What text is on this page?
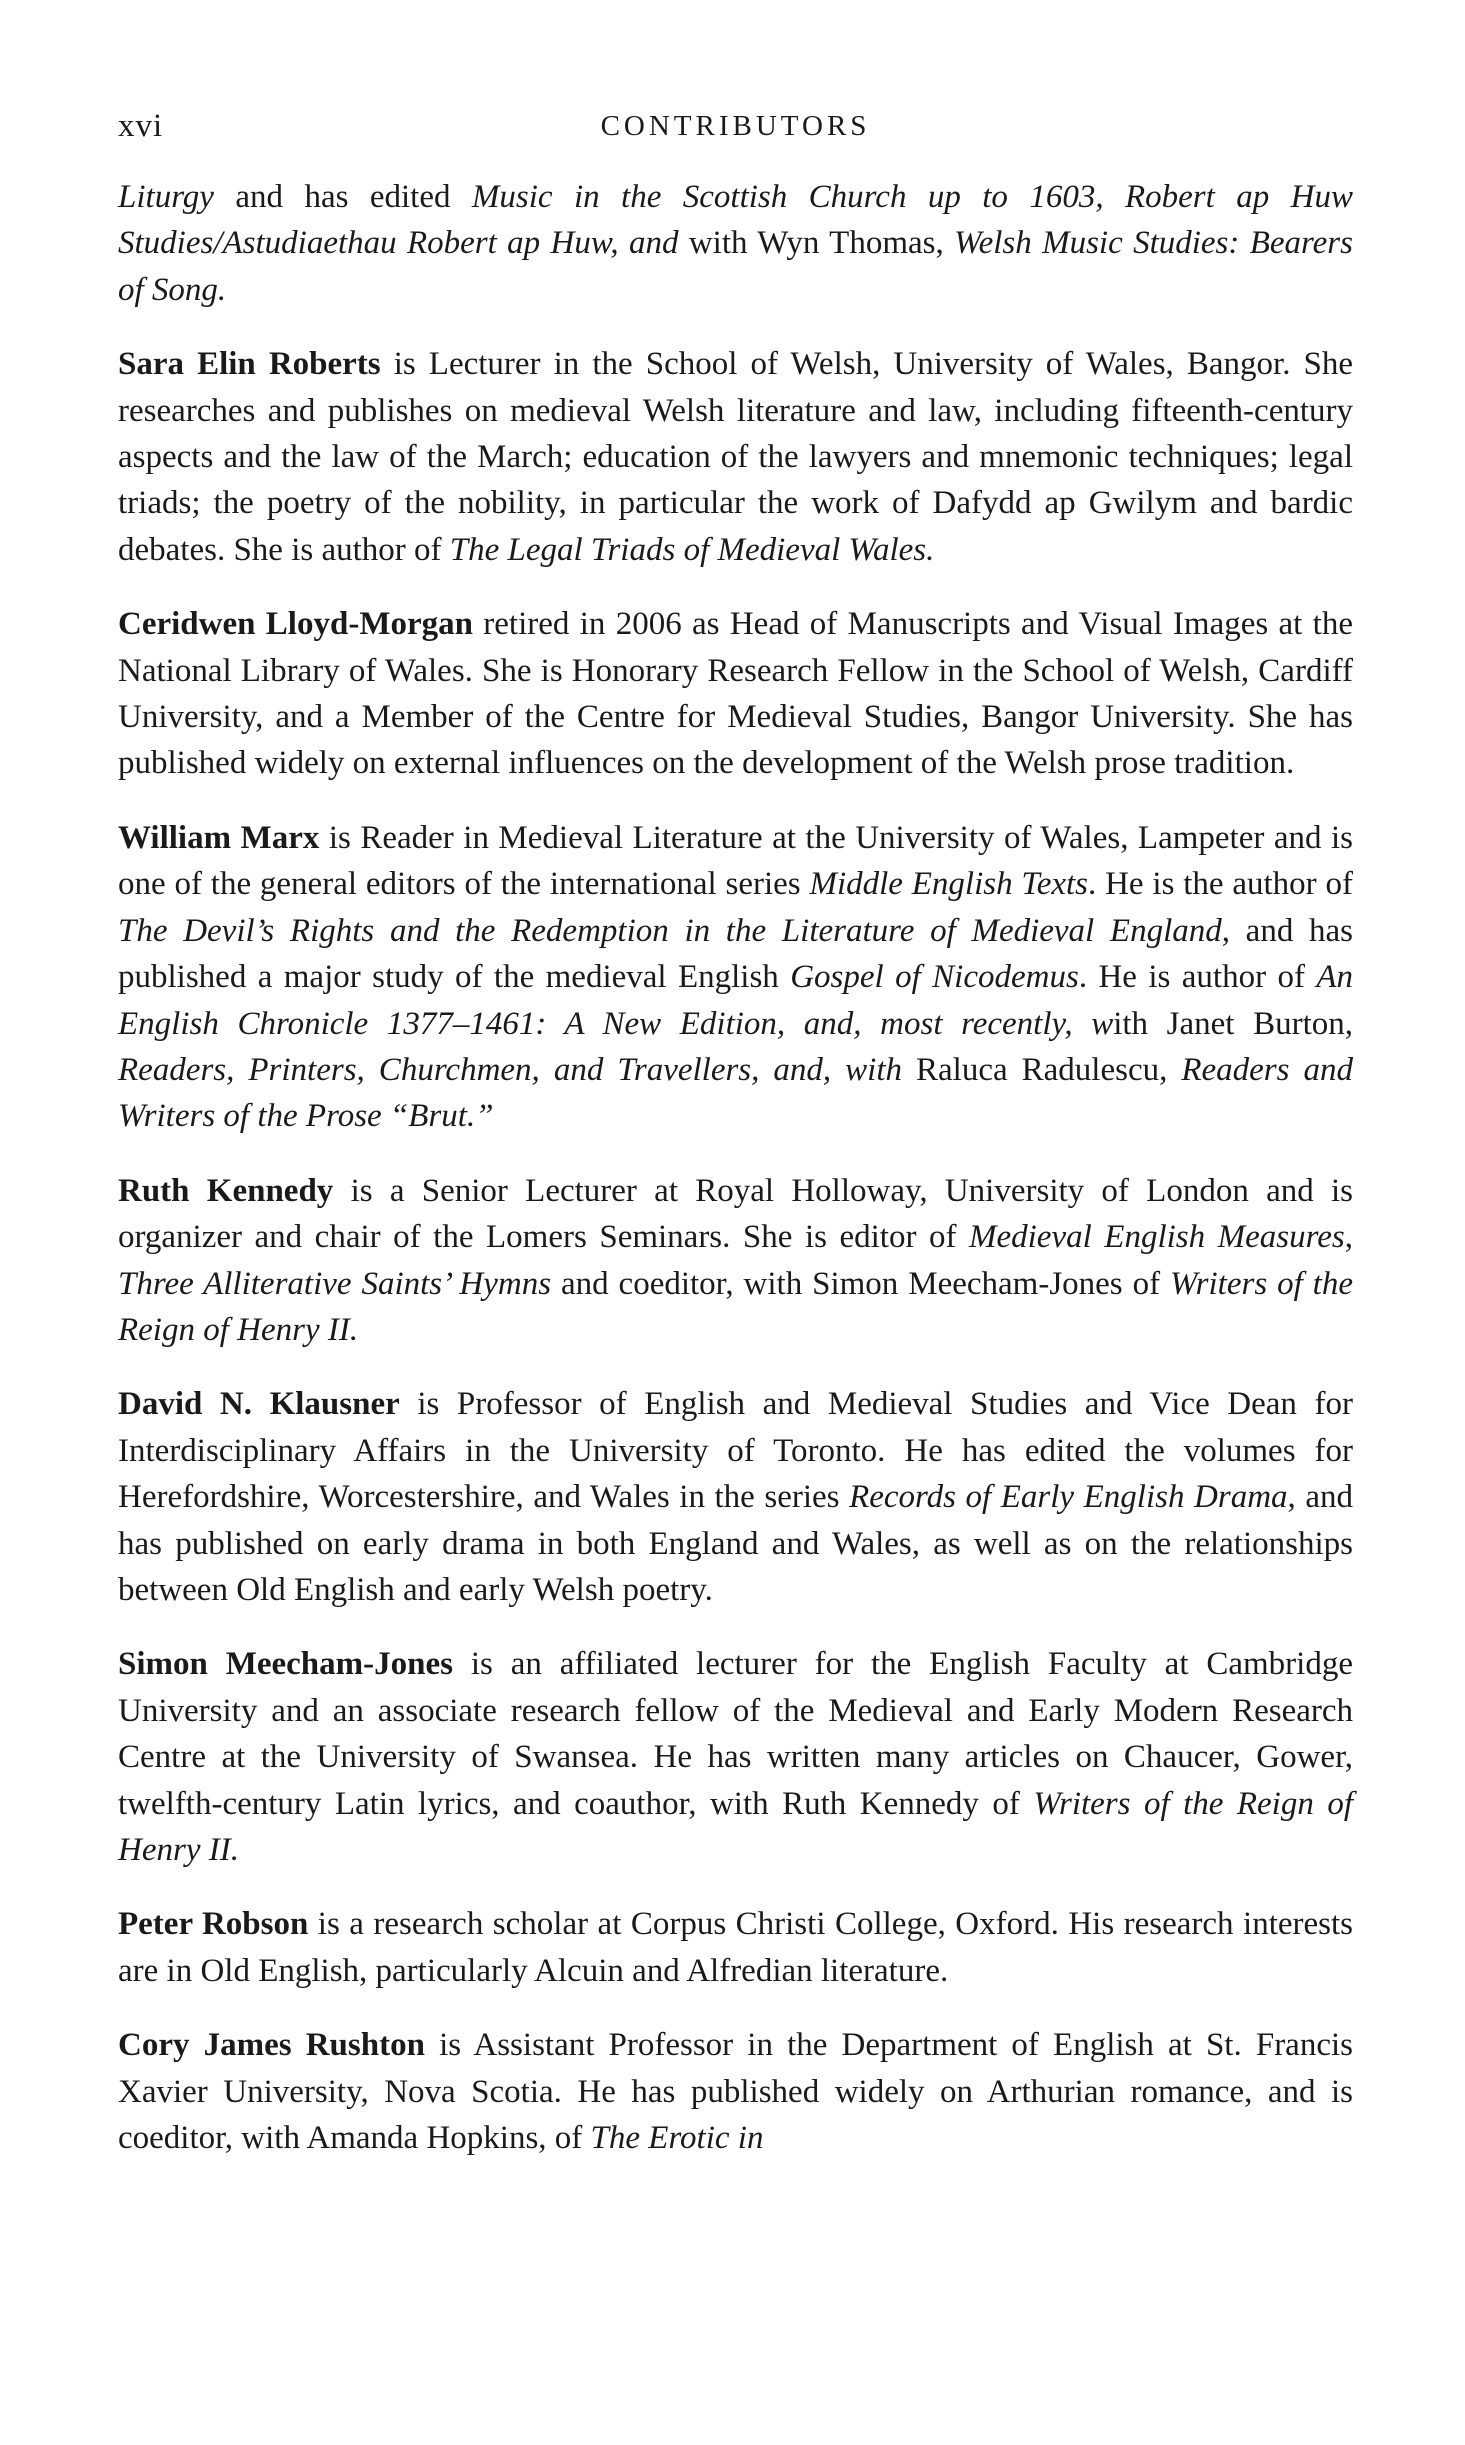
xvi	CONTRIBUTORS

Liturgy and has edited Music in the Scottish Church up to 1603, Robert ap Huw Studies/Astudiaethau Robert ap Huw, and with Wyn Thomas, Welsh Music Studies: Bearers of Song.

Sara Elin Roberts is Lecturer in the School of Welsh, University of Wales, Bangor. She researches and publishes on medieval Welsh literature and law, including fifteenth-century aspects and the law of the March; education of the lawyers and mnemonic techniques; legal triads; the poetry of the nobility, in particular the work of Dafydd ap Gwilym and bardic debates. She is author of The Legal Triads of Medieval Wales.

Ceridwen Lloyd-Morgan retired in 2006 as Head of Manuscripts and Visual Images at the National Library of Wales. She is Honorary Research Fellow in the School of Welsh, Cardiff University, and a Member of the Centre for Medieval Studies, Bangor University. She has published widely on external influences on the development of the Welsh prose tradition.

William Marx is Reader in Medieval Literature at the University of Wales, Lampeter and is one of the general editors of the international series Middle English Texts. He is the author of The Devil’s Rights and the Redemption in the Literature of Medieval England, and has published a major study of the medieval English Gospel of Nicodemus. He is author of An English Chronicle 1377–1461: A New Edition, and, most recently, with Janet Burton, Readers, Printers, Churchmen, and Travellers, and, with Raluca Radulescu, Readers and Writers of the Prose “Brut.”

Ruth Kennedy is a Senior Lecturer at Royal Holloway, University of London and is organizer and chair of the Lomers Seminars. She is editor of Medieval English Measures, Three Alliterative Saints’ Hymns and coeditor, with Simon Meecham-Jones of Writers of the Reign of Henry II.

David N. Klausner is Professor of English and Medieval Studies and Vice Dean for Interdisciplinary Affairs in the University of Toronto. He has edited the volumes for Herefordshire, Worcestershire, and Wales in the series Records of Early English Drama, and has published on early drama in both England and Wales, as well as on the relationships between Old English and early Welsh poetry.

Simon Meecham-Jones is an affiliated lecturer for the English Faculty at Cambridge University and an associate research fellow of the Medieval and Early Modern Research Centre at the University of Swansea. He has written many articles on Chaucer, Gower, twelfth-century Latin lyrics, and coauthor, with Ruth Kennedy of Writers of the Reign of Henry II.

Peter Robson is a research scholar at Corpus Christi College, Oxford. His research interests are in Old English, particularly Alcuin and Alfredian literature.

Cory James Rushton is Assistant Professor in the Department of English at St. Francis Xavier University, Nova Scotia. He has published widely on Arthurian romance, and is coeditor, with Amanda Hopkins, of The Erotic in
